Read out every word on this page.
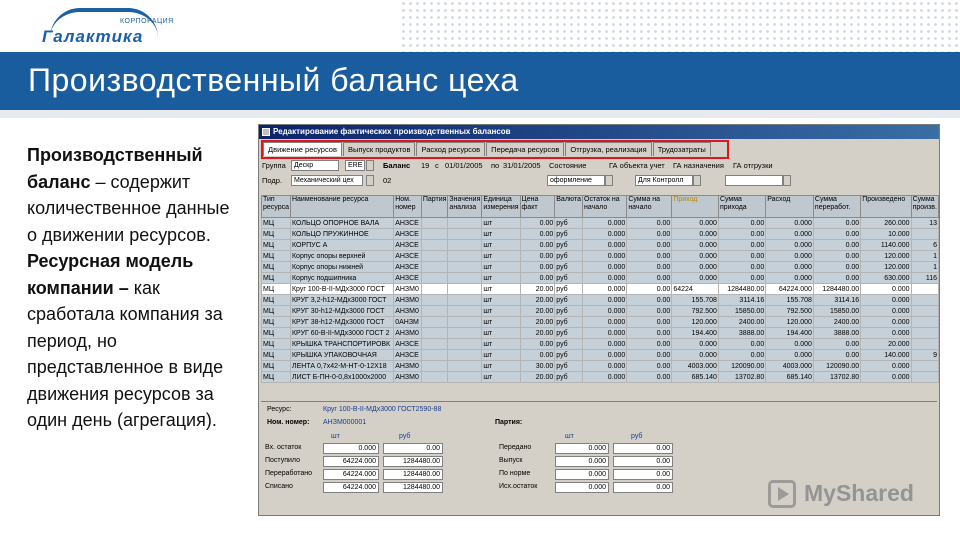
КОРПОРАЦИЯ
Галактика
Производственный баланс цеха
Производственный баланс – содержит количественное данные о движении ресурсов.
Ресурсная модель компании – как сработала компания за период, но представленное в виде движения ресурсов за один день (агрегация).
Редактирование фактических производственных балансов
Движение ресурсов	Выпуск продуктов	Расход ресурсов	Передача ресурсов	Отгрузка, реализация	Трудозатраты
Группа	Дескр	ERE	Баланс 19 с 01/01/2005 по 31/01/2005 Состояние	ГА объекта учет ГА назначения ГА отгрузки
Подр.	Механический цех	02	оформление	Для Контролл
Тип ресурса	Наименование ресурса	Ном. номер	Партия	Значения анализа	Единица измерения	Цена факт	Валюта	Остаток на начало	Сумма на начало	Приход	Сумма прихода	Расход	Сумма переработ.	Произведено	Сумма произв.
МЦ	КОЛЬЦО ОПОРНОЕ ВАЛА	АНЗСЕ			шт	0.00	руб	0.000	0.00	0.000	0.00	0.000	0.00	260.000	13
МЦ	КОЛЬЦО ПРУЖИННОЕ	АНЗСЕ			шт	0.00	руб	0.000	0.00	0.000	0.00	0.000	0.00	10.000	
МЦ	КОРПУС А	АНЗСЕ			шт	0.00	руб	0.000	0.00	0.000	0.00	0.000	0.00	1140.000	6
МЦ	Корпус опоры верхней	АНЗСЕ			шт	0.00	руб	0.000	0.00	0.000	0.00	0.000	0.00	120.000	1
МЦ	Корпус опоры нижней	АНЗСЕ			шт	0.00	руб	0.000	0.00	0.000	0.00	0.000	0.00	120.000	1
МЦ	Корпус подшипника	АНЗСЕ			шт	0.00	руб	0.000	0.00	0.000	0.00	0.000	0.00	630.000	116
МЦ	Круг 100-В-II-МДх3000 ГОСТ	АНЗМ0			шт	20.00	руб	0.000	0.00	64224	1284480.00	64224.000	1284480.00	0.000	
МЦ	КРУГ 3,2-h12-МДх3000 ГОСТ	АНЗМ0			шт	20.00	руб	0.000	0.00	155.708	3114.16	155.708	3114.16	0.000	
МЦ	КРУГ 30-h12-МДх3000 ГОСТ	АНЗМ0			шт	20.00	руб	0.000	0.00	792.500	15850.00	792.500	15850.00	0.000	
МЦ	КРУГ 38-h12-МДх3000 ГОСТ	0АНЗМ			шт	20.00	руб	0.000	0.00	120.000	2400.00	120.000	2400.00	0.000	
МЦ	КРУГ 60-В-II-МДх3000 ГОСТ 2	АНЗМ0			шт	20.00	руб	0.000	0.00	194.400	3888.00	194.400	3888.00	0.000	
МЦ	КРЫШКА ТРАНСПОРТИРОВК	АНЗСЕ			шт	0.00	руб	0.000	0.00	0.000	0.00	0.000	0.00	20.000	
МЦ	КРЫШКА УПАКОВОЧНАЯ	АНЗСЕ			шт	0.00	руб	0.000	0.00	0.000	0.00	0.000	0.00	140.000	9
МЦ	ЛЕНТА 0,7х42-М-НТ-0-12Х18	АНЗМ0			шт	30.00	руб	0.000	0.00	4003.000	120090.00	4003.000	120090.00	0.000	
МЦ	ЛИСТ Б-ПН-0-0,8х1000х2000	АНЗМ0			шт	20.00	руб	0.000	0.00	685.140	13702.80	685.140	13702.80	0.000	
Ресурс:	Круг 100-В-II-МДх3000 ГОСТ2590-88
Ном. номер: АНЗМ000001	Партия:
шт	руб	шт	руб
Вх. остаток	0.000	0.00
Поступило	64224.000	1284480.00
Переработано	64224.000	1284480.00
Списано	64224.000	1284480.00
Передано	0.000	0.00
Выпуск	0.000	0.00
По норме	0.000	0.00
Исх.остаток	0.000	0.00	MyShared
